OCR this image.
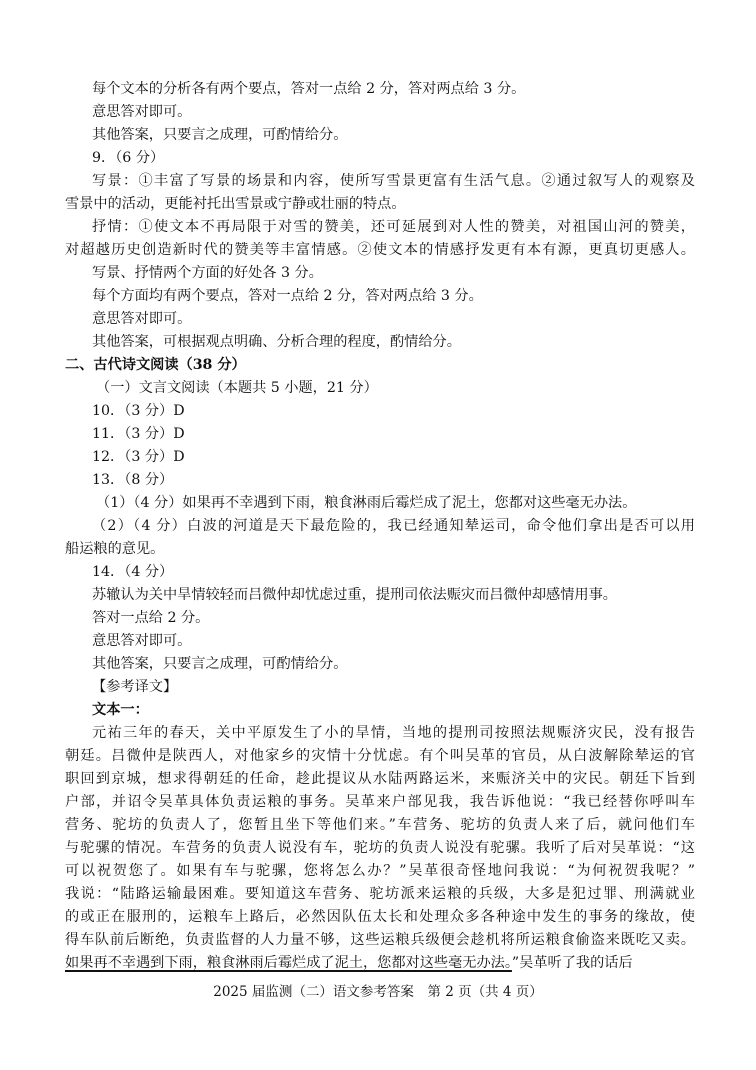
每个文本的分析各有两个要点，答对一点给 2 分，答对两点给 3 分。
意思答对即可。
其他答案，只要言之成理，可酌情给分。
9．（6 分）
写景：①丰富了写景的场景和内容，使所写雪景更富有生活气息。②通过叙写人的观察及
雪景中的活动，更能衬托出雪景或宁静或壮丽的特点。
抒情：①使文本不再局限于对雪的赞美，还可延展到对人性的赞美，对祖国山河的赞美，
对超越历史创造新时代的赞美等丰富情感。②使文本的情感抒发更有本有源，更真切更感人。
写景、抒情两个方面的好处各 3 分。
每个方面均有两个要点，答对一点给 2 分，答对两点给 3 分。
意思答对即可。
其他答案，可根据观点明确、分析合理的程度，酌情给分。
二、古代诗文阅读（38 分）
（一）文言文阅读（本题共 5 小题，21 分）
10．（3 分）D
11．（3 分）D
12．（3 分）D
13．（8 分）
（1）（4 分）如果再不幸遇到下雨，粮食淋雨后霉烂成了泥土，您都对这些毫无办法。
（2）（4 分）白波的河道是天下最危险的，我已经通知辇运司，命令他们拿出是否可以用
船运粮的意见。
14．（4 分）
苏辙认为关中旱情较轻而吕微仲却忧虑过重，提刑司依法赈灾而吕微仲却感情用事。
答对一点给 2 分。
意思答对即可。
其他答案，只要言之成理，可酌情给分。
【参考译文】
文本一：
元祐三年的春天，关中平原发生了小的旱情，当地的提刑司按照法规赈济灾民，没有报告
朝廷。吕微仲是陕西人，对他家乡的灾情十分忧虑。有个叫吴革的官员，从白波解除辇运的官
职回到京城，想求得朝廷的任命，趁此提议从水陆两路运米，来赈济关中的灾民。朝廷下旨到
户部，并诏令吴革具体负责运粮的事务。吴革来户部见我，我告诉他说：“我已经替你呼叫车
营务、驼坊的负责人了，您暂且坐下等他们来。”车营务、驼坊的负责人来了后，就问他们车
与驼骡的情况。车营务的负责人说没有车，驼坊的负责人说没有驼骡。我听了后对吴革说：“这
可以祝贺您了。如果有车与驼骡，您将怎么办？”吴革很奇怪地问我说：“为何祝贺我呢？”
我说：“陆路运输最困难。要知道这车营务、驼坊派来运粮的兵级，大多是犯过罪、刑满就业
的或正在服刑的，运粮车上路后，必然因队伍太长和处理众多各种途中发生的事务的缘故，使
得车队前后断绝，负责监督的人力量不够，这些运粮兵级便会趁机将所运粮食偷盗来既吃又卖。
如果再不幸遇到下雨，粮食淋雨后霉烂成了泥土，您都对这些毫无办法。”吴革听了我的话后
2025 届监测（二）语文参考答案　第 2 页（共 4 页）
